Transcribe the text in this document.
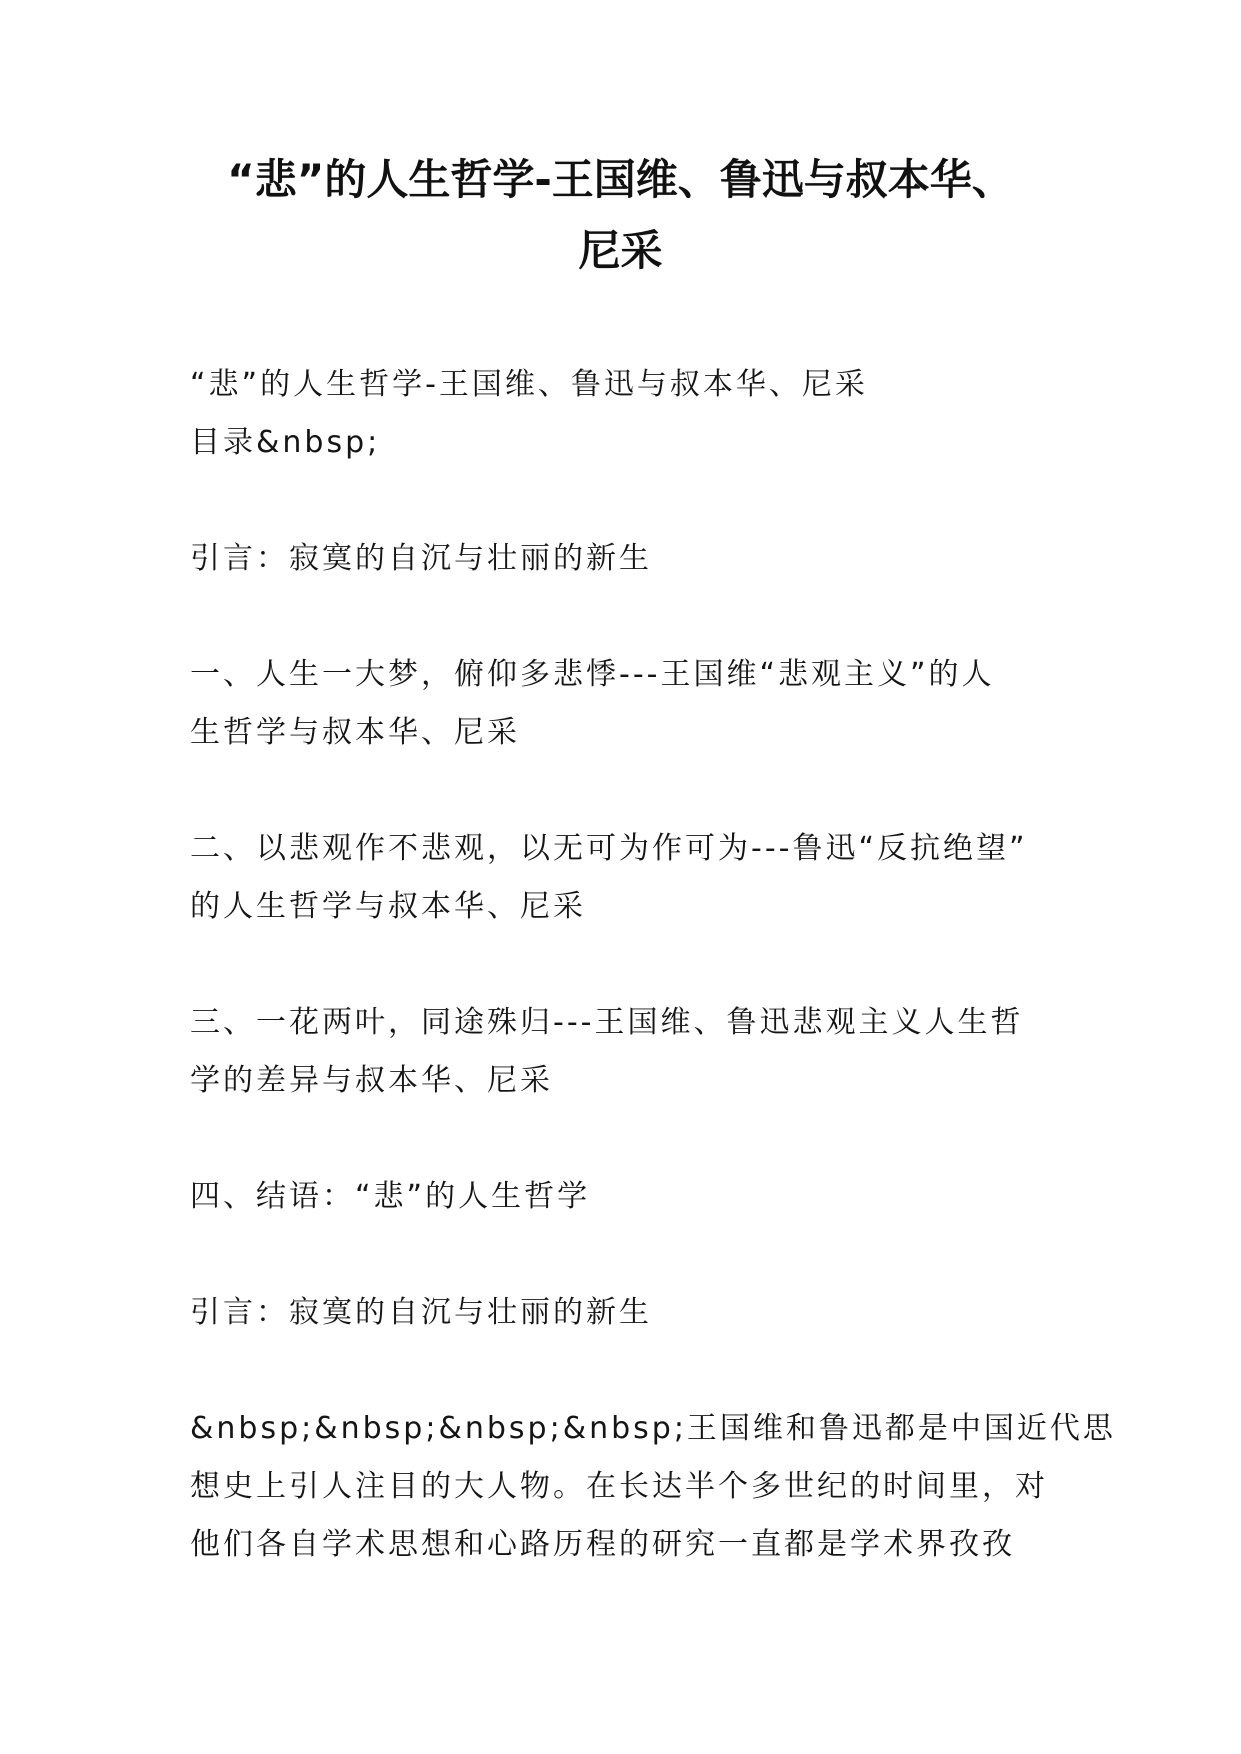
“悲”的人生哲学-王国维、鲁迅与叔本华、
尼采
“悲”的人生哲学-王国维、鲁迅与叔本华、尼采
目录&nbsp;
引言：寂寞的自沉与壮丽的新生
一、人生一大梦，俯仰多悲悸---王国维“悲观主义”的人
生哲学与叔本华、尼采
二、以悲观作不悲观，以无可为作可为---鲁迅“反抗绝望”
的人生哲学与叔本华、尼采
三、一花两叶，同途殊归---王国维、鲁迅悲观主义人生哲
学的差异与叔本华、尼采
四、结语：“悲”的人生哲学
引言：寂寞的自沉与壮丽的新生
&nbsp;&nbsp;&nbsp;&nbsp;王国维和鲁迅都是中国近代思
想史上引人注目的大人物。在长达半个多世纪的时间里，对
他们各自学术思想和心路历程的研究一直都是学术界孜孜
